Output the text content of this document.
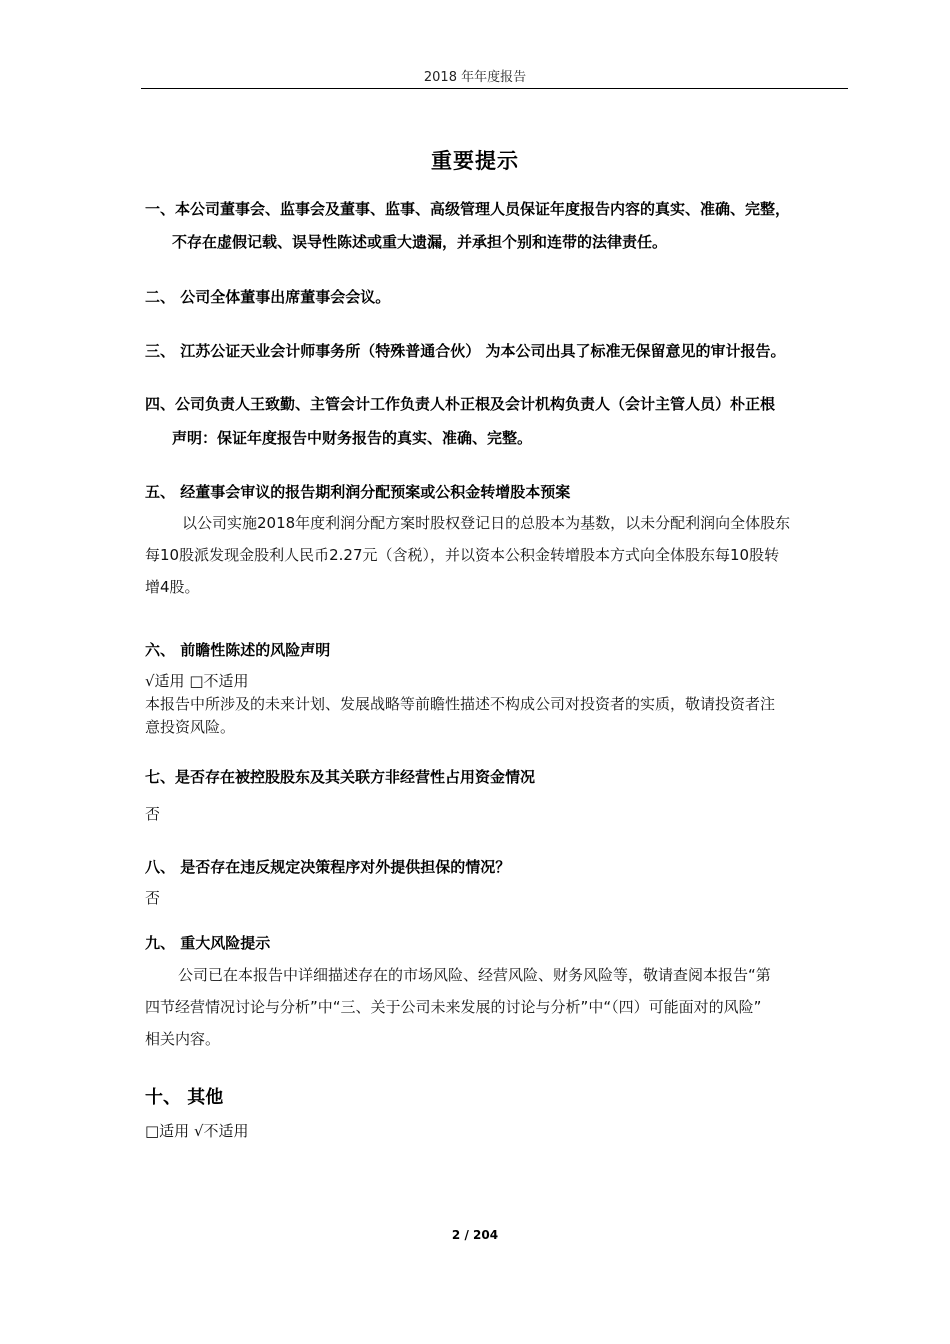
2018 年年度报告
重要提示
一、本公司董事会、监事会及董事、监事、高级管理人员保证年度报告内容的真实、准确、完整，
不存在虚假记载、误导性陈述或重大遗漏，并承担个别和连带的法律责任。
二、 公司全体董事出席董事会会议。
三、 江苏公证天业会计师事务所（特殊普通合伙） 为本公司出具了标准无保留意见的审计报告。
四、公司负责人王致勤、主管会计工作负责人朴正根及会计机构负责人（会计主管人员）朴正根
声明：保证年度报告中财务报告的真实、准确、完整。
五、 经董事会审议的报告期利润分配预案或公积金转增股本预案
以公司实施2018年度利润分配方案时股权登记日的总股本为基数，以未分配利润向全体股东
每10股派发现金股利人民币2.27元（含税），并以资本公积金转增股本方式向全体股东每10股转
增4股。
六、 前瞻性陈述的风险声明
√适用 □不适用
本报告中所涉及的未来计划、发展战略等前瞻性描述不构成公司对投资者的实质，敬请投资者注
意投资风险。
七、是否存在被控股股东及其关联方非经营性占用资金情况
否
八、 是否存在违反规定决策程序对外提供担保的情况？
否
九、 重大风险提示
公司已在本报告中详细描述存在的市场风险、经营风险、财务风险等，敬请查阅本报告“第
四节经营情况讨论与分析”中“三、关于公司未来发展的讨论与分析”中“（四）可能面对的风险”
相关内容。
十、 其他
□适用 √不适用
2 / 204
